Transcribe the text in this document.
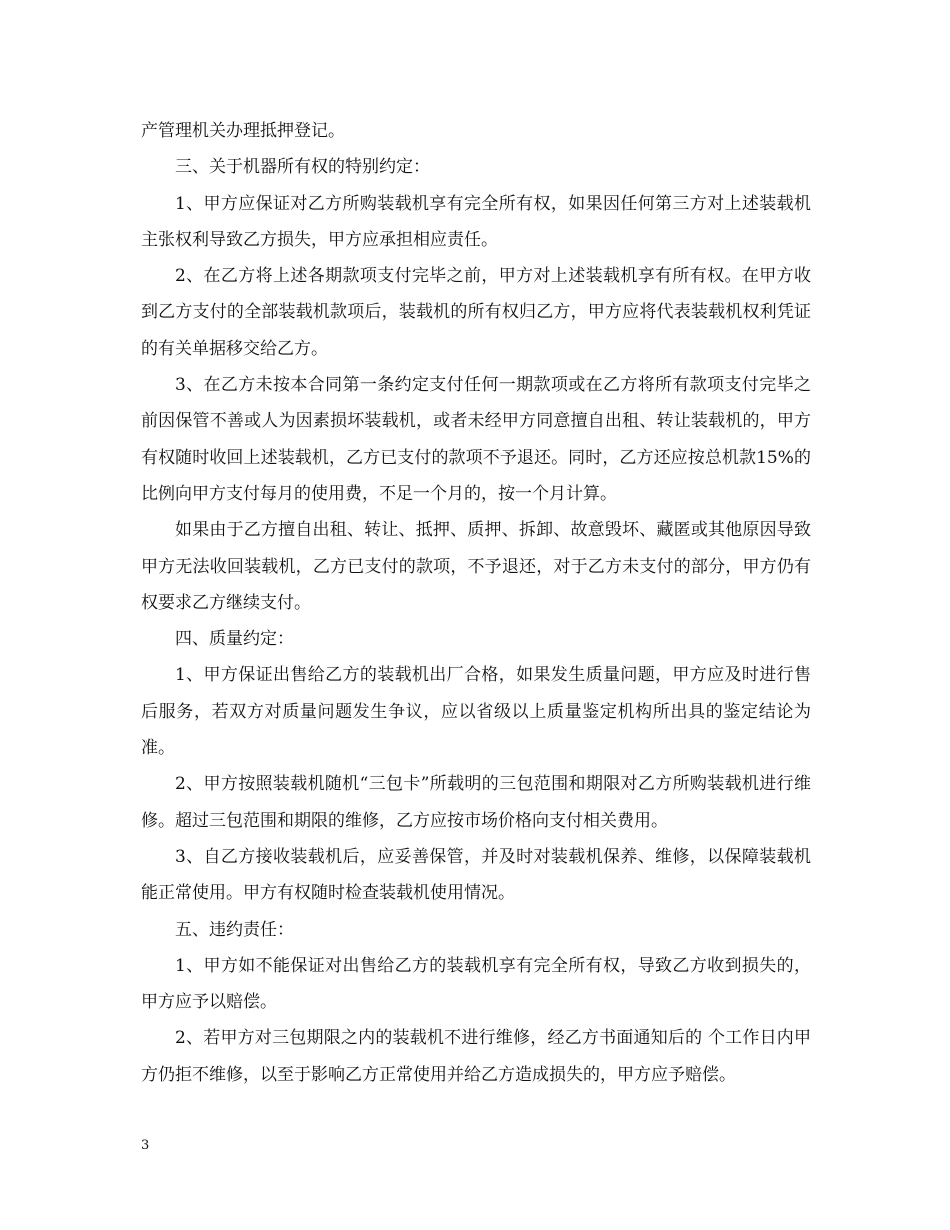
产管理机关办理抵押登记。

三、关于机器所有权的特别约定：

1、甲方应保证对乙方所购装载机享有完全所有权，如果因任何第三方对上述装载机主张权利导致乙方损失，甲方应承担相应责任。

2、在乙方将上述各期款项支付完毕之前，甲方对上述装载机享有所有权。在甲方收到乙方支付的全部装载机款项后，装载机的所有权归乙方，甲方应将代表装载机权利凭证的有关单据移交给乙方。

3、在乙方未按本合同第一条约定支付任何一期款项或在乙方将所有款项支付完毕之前因保管不善或人为因素损坏装载机，或者未经甲方同意擅自出租、转让装载机的，甲方有权随时收回上述装载机，乙方已支付的款项不予退还。同时，乙方还应按总机款15%的比例向甲方支付每月的使用费，不足一个月的，按一个月计算。

如果由于乙方擅自出租、转让、抵押、质押、拆卸、故意毁坏、藏匿或其他原因导致甲方无法收回装载机，乙方已支付的款项，不予退还，对于乙方未支付的部分，甲方仍有权要求乙方继续支付。

四、质量约定：

1、甲方保证出售给乙方的装载机出厂合格，如果发生质量问题，甲方应及时进行售后服务，若双方对质量问题发生争议，应以省级以上质量鉴定机构所出具的鉴定结论为准。

2、甲方按照装载机随机“三包卡”所载明的三包范围和期限对乙方所购装载机进行维修。超过三包范围和期限的维修，乙方应按市场价格向支付相关费用。

3、自乙方接收装载机后，应妥善保管，并及时对装载机保养、维修，以保障装载机能正常使用。甲方有权随时检查装载机使用情况。

五、违约责任：

1、甲方如不能保证对出售给乙方的装载机享有完全所有权，导致乙方收到损失的，甲方应予以赔偿。

2、若甲方对三包期限之内的装载机不进行维修，经乙方书面通知后的 个工作日内甲方仍拒不维修，以至于影响乙方正常使用并给乙方造成损失的，甲方应予赔偿。

3
